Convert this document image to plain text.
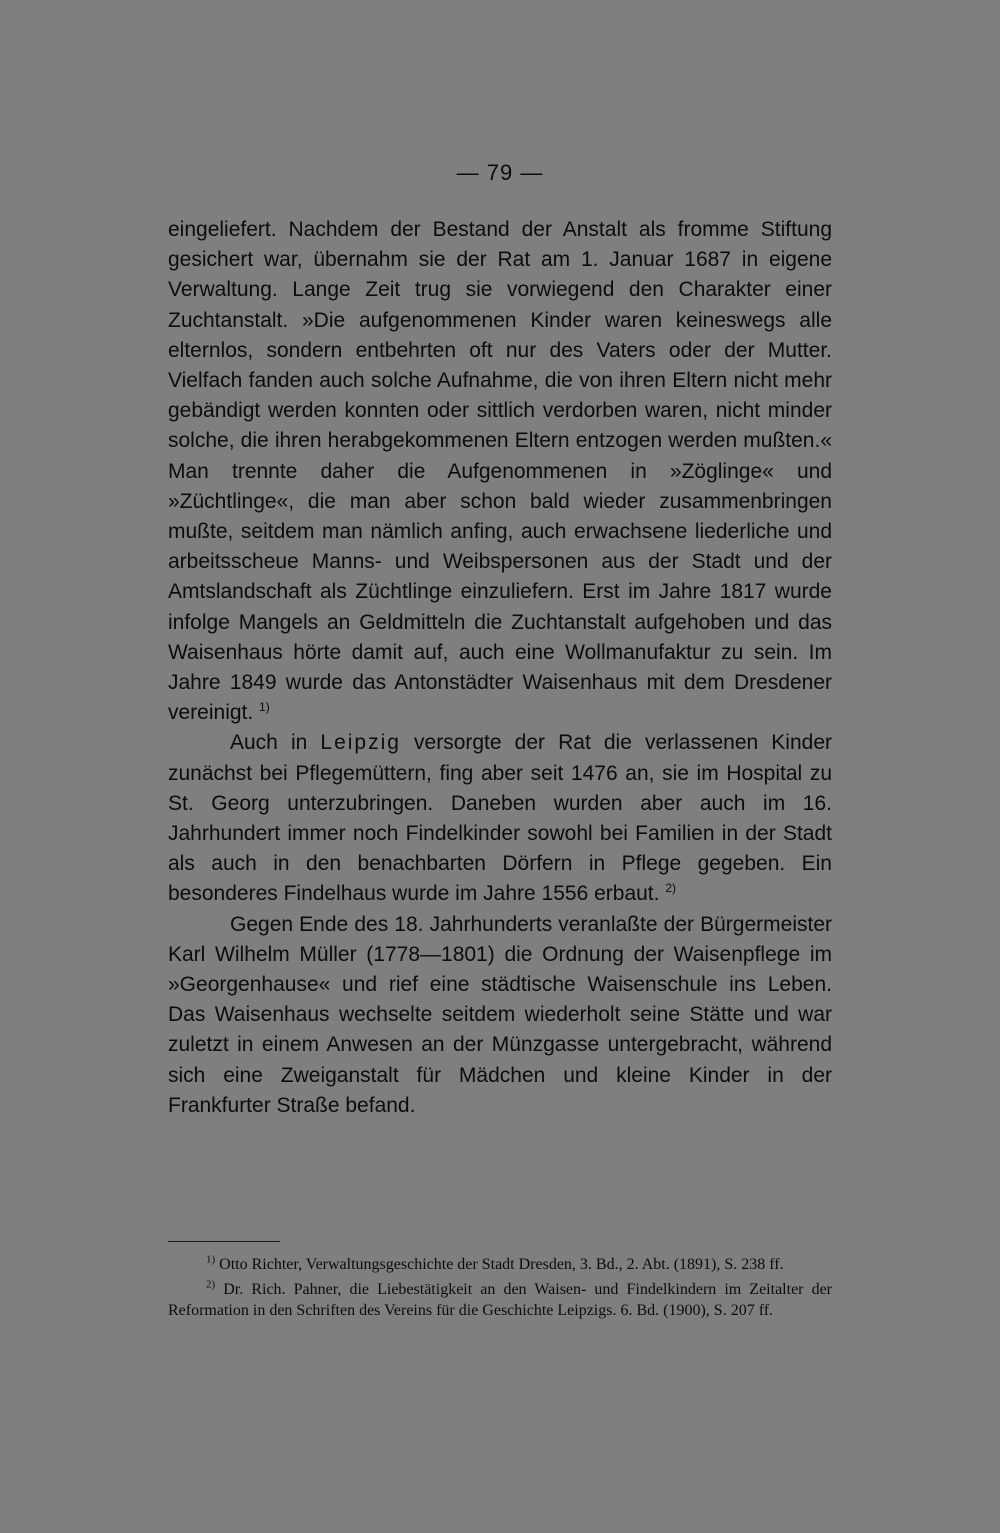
— 79 —

eingeliefert. Nachdem der Bestand der Anstalt als fromme Stiftung gesichert war, übernahm sie der Rat am 1. Januar 1687 in eigene Verwaltung. Lange Zeit trug sie vorwiegend den Charakter einer Zuchtanstalt. »Die aufgenommenen Kinder waren keineswegs alle elternlos, sondern entbehrten oft nur des Vaters oder der Mutter. Vielfach fanden auch solche Aufnahme, die von ihren Eltern nicht mehr gebändigt werden konnten oder sittlich verdorben waren, nicht minder solche, die ihren herabgekommenen Eltern entzogen werden mußten.« Man trennte daher die Aufgenommenen in »Zöglinge« und »Züchtlinge«, die man aber schon bald wieder zusammenbringen mußte, seitdem man nämlich anfing, auch erwachsene liederliche und arbeitsscheue Manns- und Weibspersonen aus der Stadt und der Amtslandschaft als Züchtlinge einzuliefern. Erst im Jahre 1817 wurde infolge Mangels an Geldmitteln die Zuchtanstalt aufgehoben und das Waisenhaus hörte damit auf, auch eine Wollmanufaktur zu sein. Im Jahre 1849 wurde das Antonstädter Waisenhaus mit dem Dresdener vereinigt. $^{1)}$

Auch in Leipzig versorgte der Rat die verlassenen Kinder zunächst bei Pflegemüttern, fing aber seit 1476 an, sie im Hospital zu St. Georg unterzubringen. Daneben wurden aber auch im 16. Jahrhundert immer noch Findelkinder sowohl bei Familien in der Stadt als auch in den benachbarten Dörfern in Pflege gegeben. Ein besonderes Findelhaus wurde im Jahre 1556 erbaut. $^{2)}$

Gegen Ende des 18. Jahrhunderts veranlaßte der Bürgermeister Karl Wilhelm Müller (1778—1801) die Ordnung der Waisenpflege im »Georgenhause« und rief eine städtische Waisenschule ins Leben. Das Waisenhaus wechselte seitdem wiederholt seine Stätte und war zuletzt in einem Anwesen an der Münzgasse untergebracht, während sich eine Zweiganstalt für Mädchen und kleine Kinder in der Frankfurter Straße befand.

$^{1)}$ Otto Richter, Verwaltungsgeschichte der Stadt Dresden, 3. Bd., 2. Abt. (1891), S. 238 ff.

$^{2)}$ Dr. Rich. Pahner, die Liebestätigkeit an den Waisen- und Findelkindern im Zeitalter der Reformation in den Schriften des Vereins für die Geschichte Leipzigs. 6. Bd. (1900), S. 207 ff.
